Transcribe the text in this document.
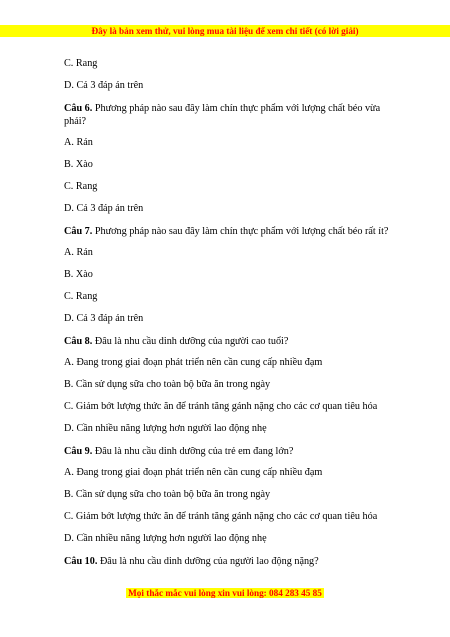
Đây là bản xem thử, vui lòng mua tài liệu để xem chi tiết (có lời giải)
C. Rang
D. Cả 3 đáp án trên
Câu 6. Phương pháp nào sau đây làm chín thực phẩm với lượng chất béo vừa phải?
A. Rán
B. Xào
C. Rang
D. Cả 3 đáp án trên
Câu 7. Phương pháp nào sau đây làm chín thực phẩm với lượng chất béo rất ít?
A. Rán
B. Xào
C. Rang
D. Cả 3 đáp án trên
Câu 8. Đâu là nhu cầu dinh dưỡng của người cao tuổi?
A. Đang trong giai đoạn phát triển nên cần cung cấp nhiều đạm
B. Cần sử dụng sữa cho toàn bộ bữa ăn trong ngày
C. Giảm bớt lượng thức ăn để tránh tăng gánh nặng cho các cơ quan tiêu hóa
D. Cần nhiều năng lượng hơn người lao động nhẹ
Câu 9. Đâu là nhu cầu dinh dưỡng của trẻ em đang lớn?
A. Đang trong giai đoạn phát triển nên cần cung cấp nhiều đạm
B. Cần sử dụng sữa cho toàn bộ bữa ăn trong ngày
C. Giảm bớt lượng thức ăn để tránh tăng gánh nặng cho các cơ quan tiêu hóa
D. Cần nhiều năng lượng hơn người lao động nhẹ
Câu 10. Đâu là nhu cầu dinh dưỡng của người lao động nặng?
Mọi thắc mắc vui lòng xin vui lòng: 084 283 45 85
